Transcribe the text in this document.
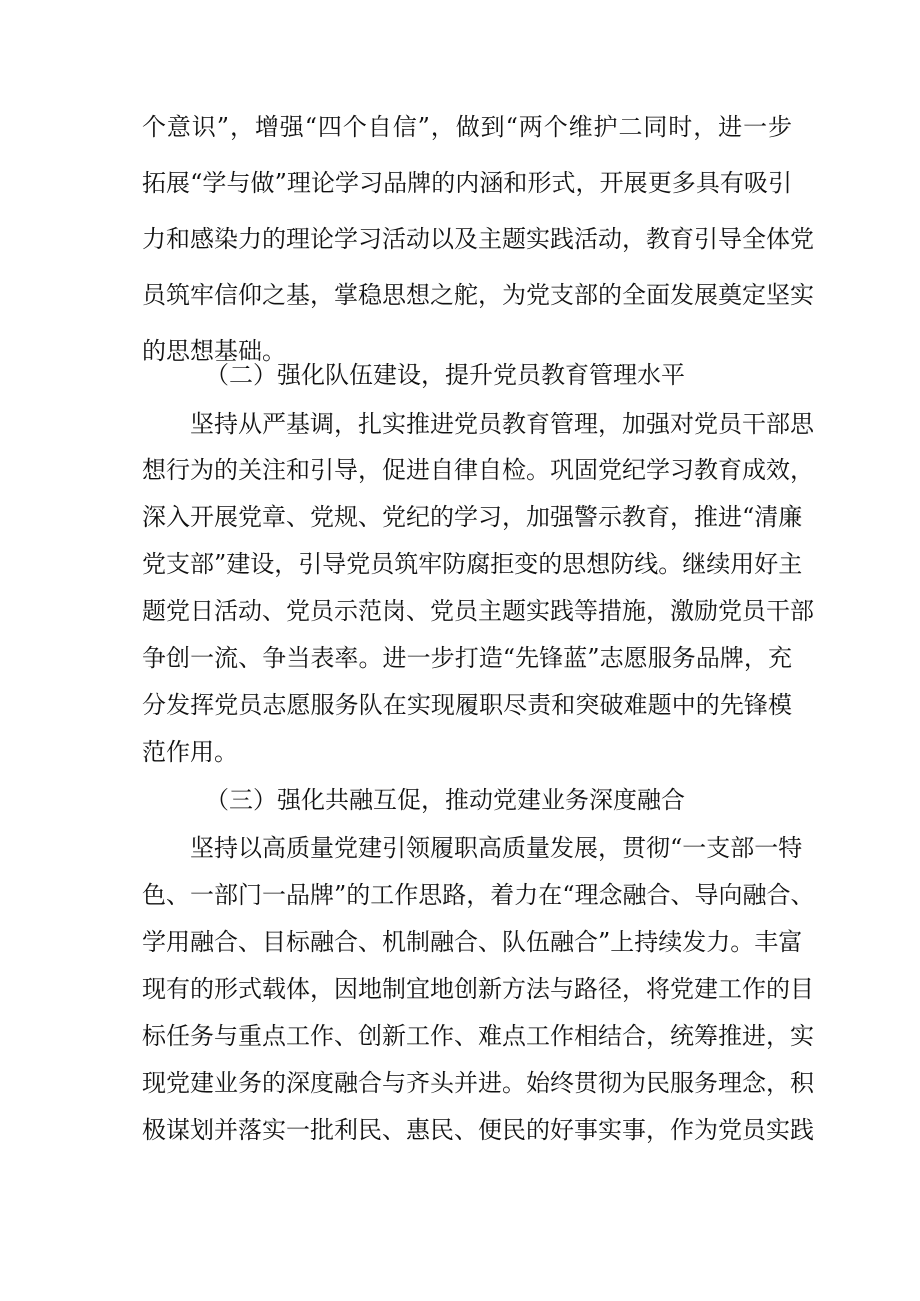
个意识”，增强“四个自信”，做到“两个维护二同时，进一步
拓展“学与做”理论学习品牌的内涵和形式，开展更多具有吸引
力和感染力的理论学习活动以及主题实践活动，教育引导全体党
员筑牢信仰之基，掌稳思想之舵，为党支部的全面发展奠定坚实
的思想基础。
（二）强化队伍建设，提升党员教育管理水平
坚持从严基调，扎实推进党员教育管理，加强对党员干部思
想行为的关注和引导，促进自律自检。巩固党纪学习教育成效，
深入开展党章、党规、党纪的学习，加强警示教育，推进“清廉
党支部”建设，引导党员筑牢防腐拒变的思想防线。继续用好主
题党日活动、党员示范岗、党员主题实践等措施，激励党员干部
争创一流、争当表率。进一步打造“先锋蓝”志愿服务品牌，充
分发挥党员志愿服务队在实现履职尽责和突破难题中的先锋模
范作用。
（三）强化共融互促，推动党建业务深度融合
坚持以高质量党建引领履职高质量发展，贯彻“一支部一特
色、一部门一品牌”的工作思路，着力在“理念融合、导向融合、
学用融合、目标融合、机制融合、队伍融合”上持续发力。丰富
现有的形式载体，因地制宜地创新方法与路径，将党建工作的目
标任务与重点工作、创新工作、难点工作相结合，统筹推进，实
现党建业务的深度融合与齐头并进。始终贯彻为民服务理念，积
极谋划并落实一批利民、惠民、便民的好事实事，作为党员实践
